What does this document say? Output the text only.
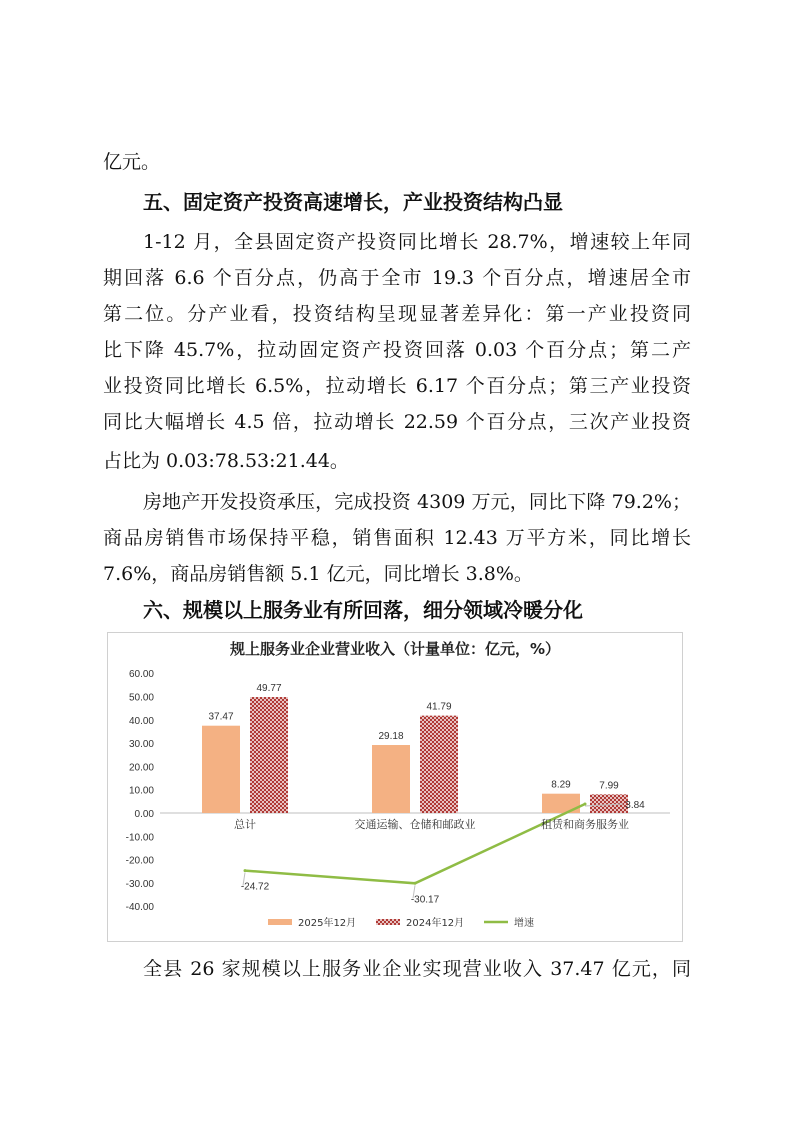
亿元。
五、固定资产投资高速增长，产业投资结构凸显
1-12 月，全县固定资产投资同比增长 28.7%，增速较上年同
期回落 6.6 个百分点，仍高于全市 19.3 个百分点，增速居全市
第二位。分产业看，投资结构呈现显著差异化：第一产业投资同
比下降 45.7%，拉动固定资产投资回落 0.03 个百分点；第二产
业投资同比增长 6.5%，拉动增长 6.17 个百分点；第三产业投资
同比大幅增长 4.5 倍，拉动增长 22.59 个百分点，三次产业投资
占比为 0.03:78.53:21.44。
房地产开发投资承压，完成投资 4309 万元，同比下降 79.2%；
商品房销售市场保持平稳，销售面积 12.43 万平方米，同比增长
7.6%，商品房销售额 5.1 亿元，同比增长 3.8%。
六、规模以上服务业有所回落，细分领域冷暖分化
规上服务业企业营业收入（计量单位：亿元，%）
60.00
50.00
40.00
30.00
20.00
10.00
0.00
-10.00
-20.00
-30.00
-40.00
37.47
49.77
29.18
41.79
8.29	7.99
-24.72
-30.17
3.84
总计	交通运输、仓储和邮政业	租赁和商务服务业
2025年12月	2024年12月	增速
全县 26 家规模以上服务业企业实现营业收入 37.47 亿元，同
